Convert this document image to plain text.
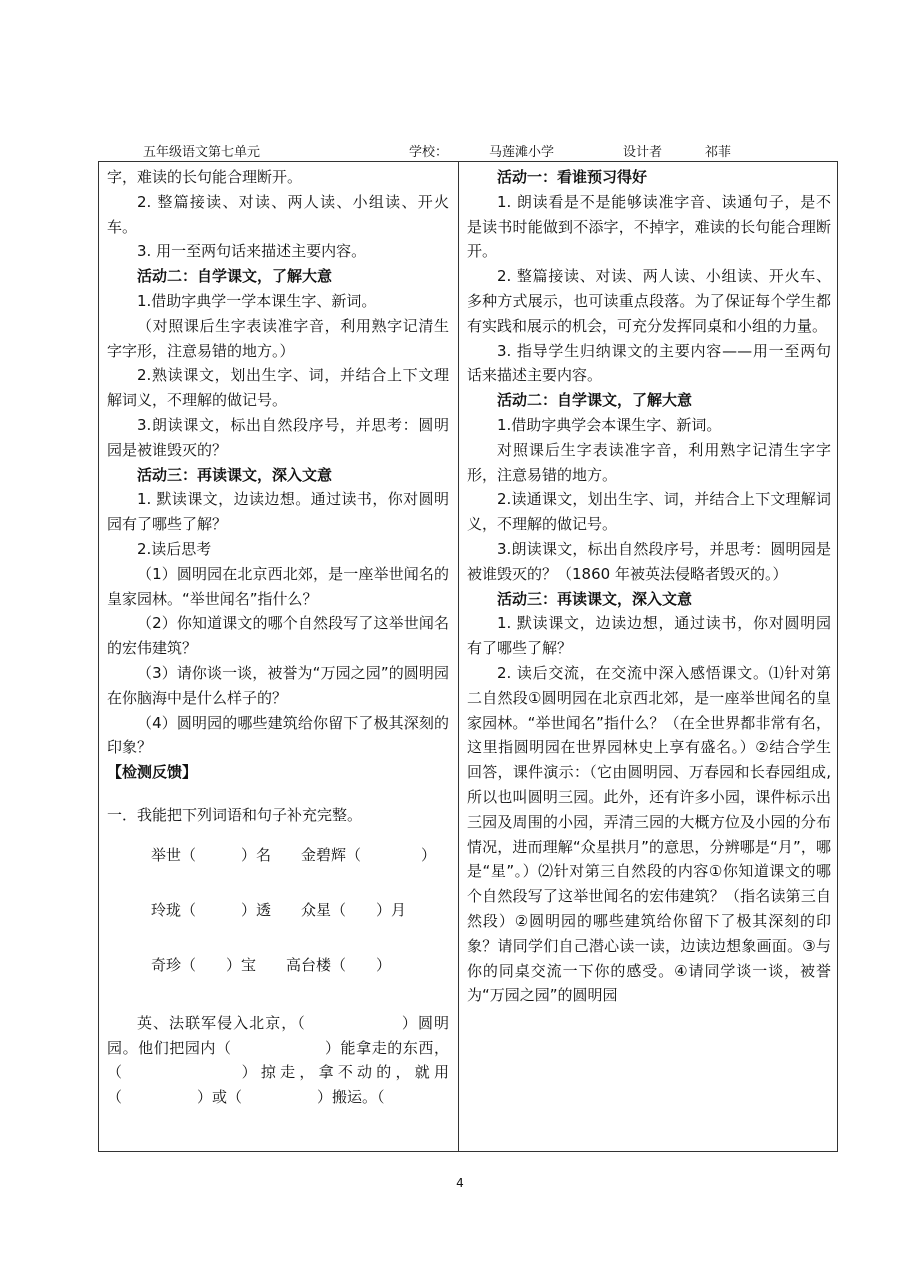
五年级语文第七单元	学校：	马莲滩小学	设计者	祁菲

字，难读的长句能合理断开。

2. 整篇接读、对读、两人读、小组读、开火车。

3. 用一至两句话来描述主要内容。

活动二：自学课文，了解大意

1.借助字典学一学本课生字、新词。

（对照课后生字表读准字音，利用熟字记清生字字形，注意易错的地方。）

2.熟读课文，划出生字、词，并结合上下文理解词义，不理解的做记号。

3.朗读课文，标出自然段序号，并思考：圆明园是被谁毁灭的？

活动三：再读课文，深入文意

1. 默读课文，边读边想。通过读书，你对圆明园有了哪些了解？

2.读后思考

（1）圆明园在北京西北郊，是一座举世闻名的皇家园林。“举世闻名”指什么？

（2）你知道课文的哪个自然段写了这举世闻名的宏伟建筑？

（3）请你谈一谈，被誉为“万园之园”的圆明园在你脑海中是什么样子的？

（4）圆明园的哪些建筑给你留下了极其深刻的印象？

【检测反馈】

一．我能把下列词语和句子补充完整。

举世（　　　）名　　金碧辉（　　　　）
玲珑（　　　）透　　众星（　　）月
奇珍（　　）宝　　高台楼（　　）

英、法联军侵入北京，（　　　　　　）圆明园。他们把园内（　　　　　　）能拿走的东西，（　　　　　　）掠走，拿不动的，就用（　　　　　）或（　　　　　）搬运。（

活动一：看谁预习得好

1. 朗读看是不是能够读准字音、读通句子，是不是读书时能做到不添字，不掉字，难读的长句能合理断开。

2. 整篇接读、对读、两人读、小组读、开火车、多种方式展示，也可读重点段落。为了保证每个学生都有实践和展示的机会，可充分发挥同桌和小组的力量。

3. 指导学生归纳课文的主要内容——用一至两句话来描述主要内容。

活动二：自学课文，了解大意

1.借助字典学会本课生字、新词。

对照课后生字表读准字音，利用熟字记清生字字形，注意易错的地方。

2.读通课文，划出生字、词，并结合上下文理解词义，不理解的做记号。

3.朗读课文，标出自然段序号，并思考：圆明园是被谁毁灭的？（1860 年被英法侵略者毁灭的。）

活动三：再读课文，深入文意

1. 默读课文，边读边想，通过读书，你对圆明园有了哪些了解？

2. 读后交流，在交流中深入感悟课文。⑴针对第二自然段①圆明园在北京西北郊，是一座举世闻名的皇家园林。“举世闻名”指什么？（在全世界都非常有名，这里指圆明园在世界园林史上享有盛名。）②结合学生回答，课件演示：（它由圆明园、万春园和长春园组成,所以也叫圆明三园。此外，还有许多小园，课件标示出三园及周围的小园，弄清三园的大概方位及小园的分布情况，进而理解“众星拱月”的意思，分辨哪是“月”，哪是“星”。）⑵针对第三自然段的内容①你知道课文的哪个自然段写了这举世闻名的宏伟建筑？（指名读第三自然段）②圆明园的哪些建筑给你留下了极其深刻的印象？请同学们自己潜心读一读，边读边想象画面。③与你的同桌交流一下你的感受。④请同学谈一谈，被誉为“万园之园”的圆明园

4
